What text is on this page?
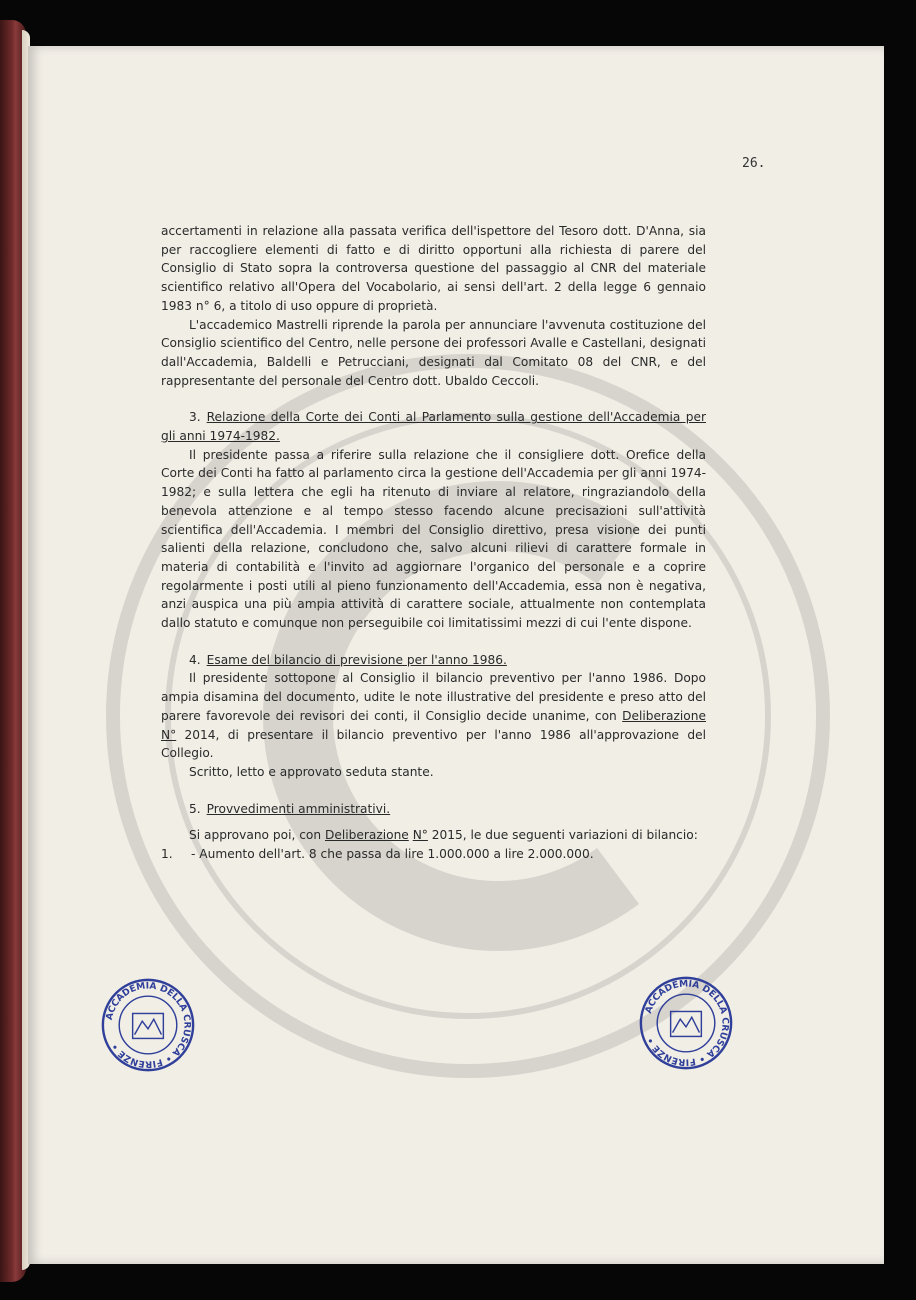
26.

accertamenti in relazione alla passata verifica dell'ispettore del Tesoro dott. D'Anna, sia per raccogliere elementi di fatto e di diritto opportuni alla richiesta di parere del Consiglio di Stato sopra la controversa questione del passaggio al CNR del materiale scientifico relativo all'Opera del Vocabolario, ai sensi dell'art. 2 della legge 6 gennaio 1983 n° 6, a titolo di uso oppure di proprietà.

L'accademico Mastrelli riprende la parola per annunciare l'avvenuta costituzione del Consiglio scientifico del Centro, nelle persone dei professori Avalle e Castellani, designati dall'Accademia, Baldelli e Petrucciani, designati dal Comitato 08 del CNR, e del rappresentante del personale del Centro dott. Ubaldo Ceccoli.

3. Relazione della Corte dei Conti al Parlamento sulla gestione dell'Accademia per gli anni 1974-1982.

Il presidente passa a riferire sulla relazione che il consigliere dott. Orefice della Corte dei Conti ha fatto al parlamento circa la gestione dell'Accademia per gli anni 1974-1982; e sulla lettera che egli ha ritenuto di inviare al relatore, ringraziandolo della benevola attenzione e al tempo stesso facendo alcune precisazioni sull'attività scientifica dell'Accademia. I membri del Consiglio direttivo, presa visione dei punti salienti della relazione, concludono che, salvo alcuni rilievi di carattere formale in materia di contabilità e l'invito ad aggiornare l'organico del personale e a coprire regolarmente i posti utili al pieno funzionamento dell'Accademia, essa non è negativa, anzi auspica una più ampia attività di carattere sociale, attualmente non contemplata dallo statuto e comunque non perseguibile coi limitatissimi mezzi di cui l'ente dispone.

4. Esame del bilancio di previsione per l'anno 1986.

Il presidente sottopone al Consiglio il bilancio preventivo per l'anno 1986. Dopo ampia disamina del documento, udite le note illustrative del presidente e preso atto del parere favorevole dei revisori dei conti, il Consiglio decide unanime, con Deliberazione N° 2014, di presentare il bilancio preventivo per l'anno 1986 all'approvazione del Collegio.

Scritto, letto e approvato seduta stante.

5. Provvedimenti amministrativi.

Si approvano poi, con Deliberazione N° 2015, le due seguenti variazioni di bilancio:

1.	- Aumento dell'art. 8 che passa da lire 1.000.000 a lire 2.000.000.
ACCADEMIA DELLA CRUSCA • FIRENZE •
ACCADEMIA DELLA CRUSCA • FIRENZE •
